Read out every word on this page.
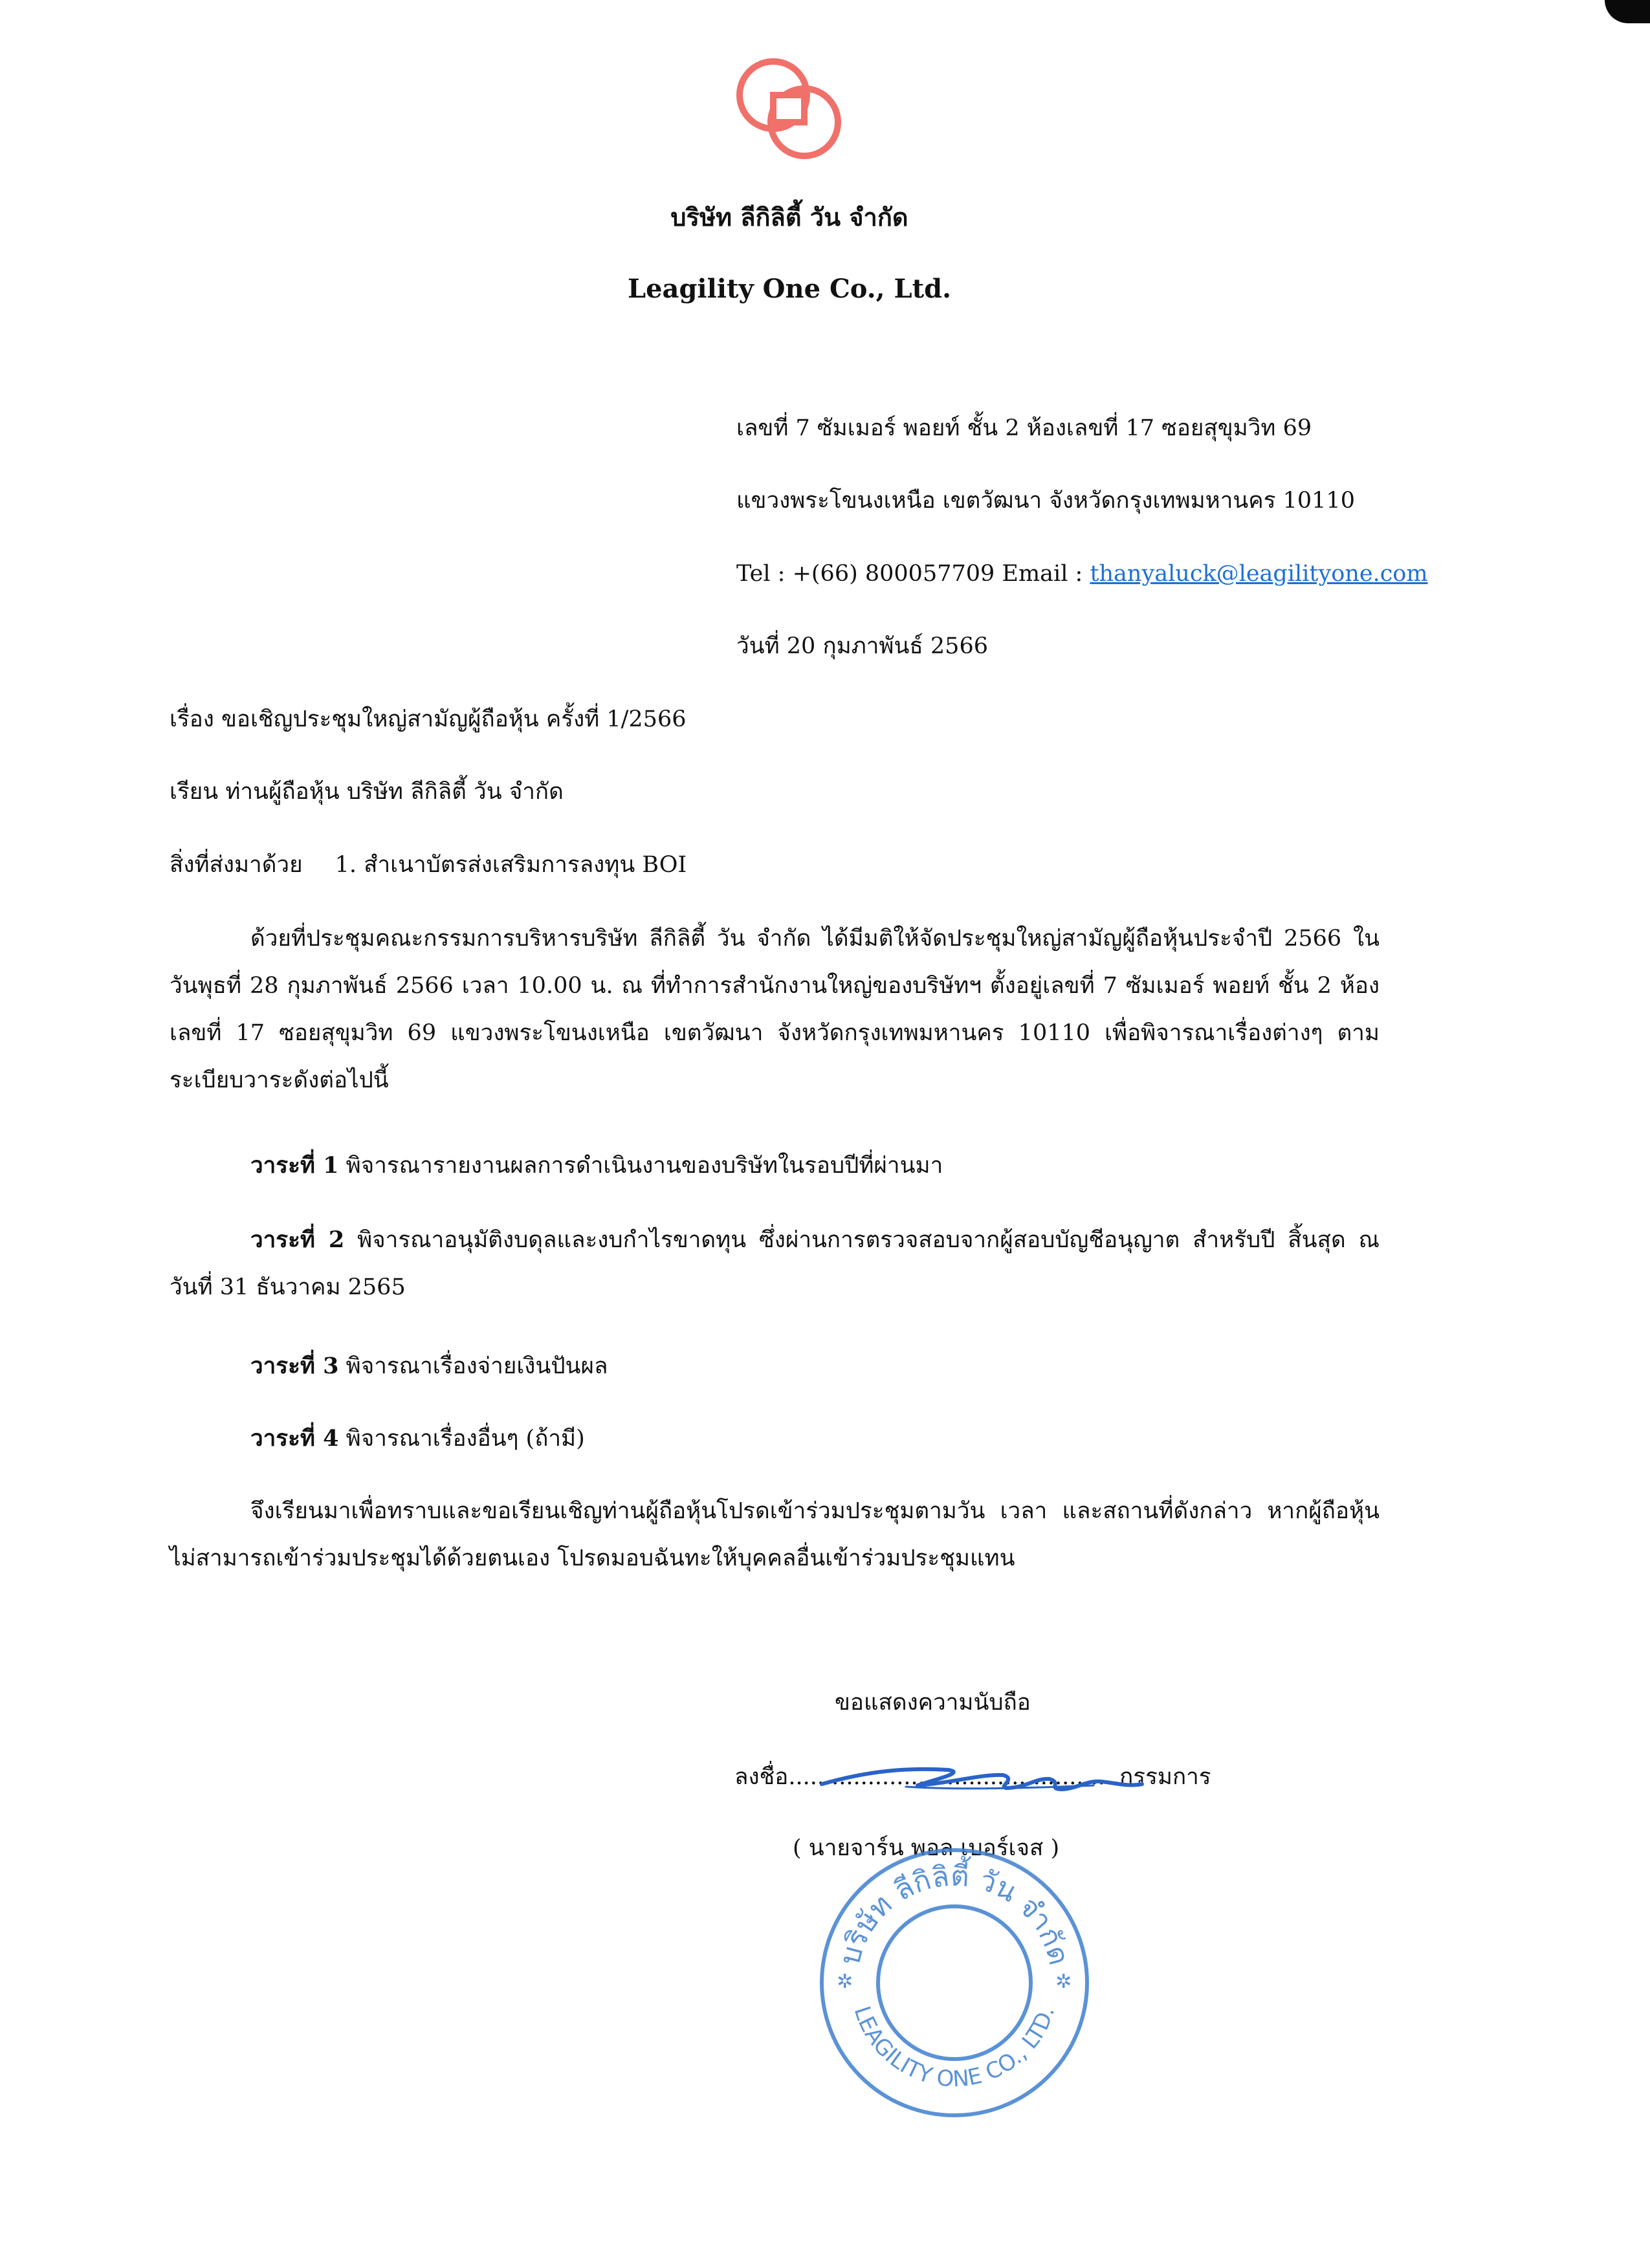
บริษัท ลีกิลิตี้ วัน จำกัด
Leagility One Co., Ltd.
เลขที่ 7 ซัมเมอร์ พอยท์ ชั้น 2 ห้องเลขที่ 17 ซอยสุขุมวิท 69
แขวงพระโขนงเหนือ เขตวัฒนา จังหวัดกรุงเทพมหานคร 10110
Tel : +(66) 800057709 Email : thanyaluck@leagilityone.com
วันที่ 20 กุมภาพันธ์ 2566
เรื่อง ขอเชิญประชุมใหญ่สามัญผู้ถือหุ้น ครั้งที่ 1/2566
เรียน ท่านผู้ถือหุ้น บริษัท ลีกิลิตี้ วัน จำกัด
สิ่งที่ส่งมาด้วย 1. สำเนาบัตรส่งเสริมการลงทุน BOI

ด้วยที่ประชุมคณะกรรมการบริหารบริษัท ลีกิลิตี้ วัน จำกัด ได้มีมติให้จัดประชุมใหญ่สามัญผู้ถือหุ้นประจำปี 2566 ในวันพุธที่ 28 กุมภาพันธ์ 2566 เวลา 10.00 น. ณ ที่ทำการสำนักงานใหญ่ของบริษัทฯ ตั้งอยู่เลขที่ 7 ซัมเมอร์ พอยท์ ชั้น 2 ห้องเลขที่ 17 ซอยสุขุมวิท 69 แขวงพระโขนงเหนือ เขตวัฒนา จังหวัดกรุงเทพมหานคร 10110 เพื่อพิจารณาเรื่องต่างๆ ตามระเบียบวาระดังต่อไปนี้

วาระที่ 1 พิจารณารายงานผลการดำเนินงานของบริษัทในรอบปีที่ผ่านมา

วาระที่ 2 พิจารณาอนุมัติงบดุลและงบกำไรขาดทุน ซึ่งผ่านการตรวจสอบจากผู้สอบบัญชีอนุญาต สำหรับปี สิ้นสุด ณ วันที่ 31 ธันวาคม 2565

วาระที่ 3 พิจารณาเรื่องจ่ายเงินปันผล

วาระที่ 4 พิจารณาเรื่องอื่นๆ (ถ้ามี)

จึงเรียนมาเพื่อทราบและขอเรียนเชิญท่านผู้ถือหุ้นโปรดเข้าร่วมประชุมตามวัน เวลา และสถานที่ดังกล่าว หากผู้ถือหุ้นไม่สามารถเข้าร่วมประชุมได้ด้วยตนเอง โปรดมอบฉันทะให้บุคคลอื่นเข้าร่วมประชุมแทน

ขอแสดงความนับถือ
ลงชื่อ..............................................กรรมการ
( นายจาร์น พอล เบอร์เจส )
บริษัท ลีกิลิตี้ วัน จำกัด
LEAGILITY ONE CO., LTD.
✲	✲
